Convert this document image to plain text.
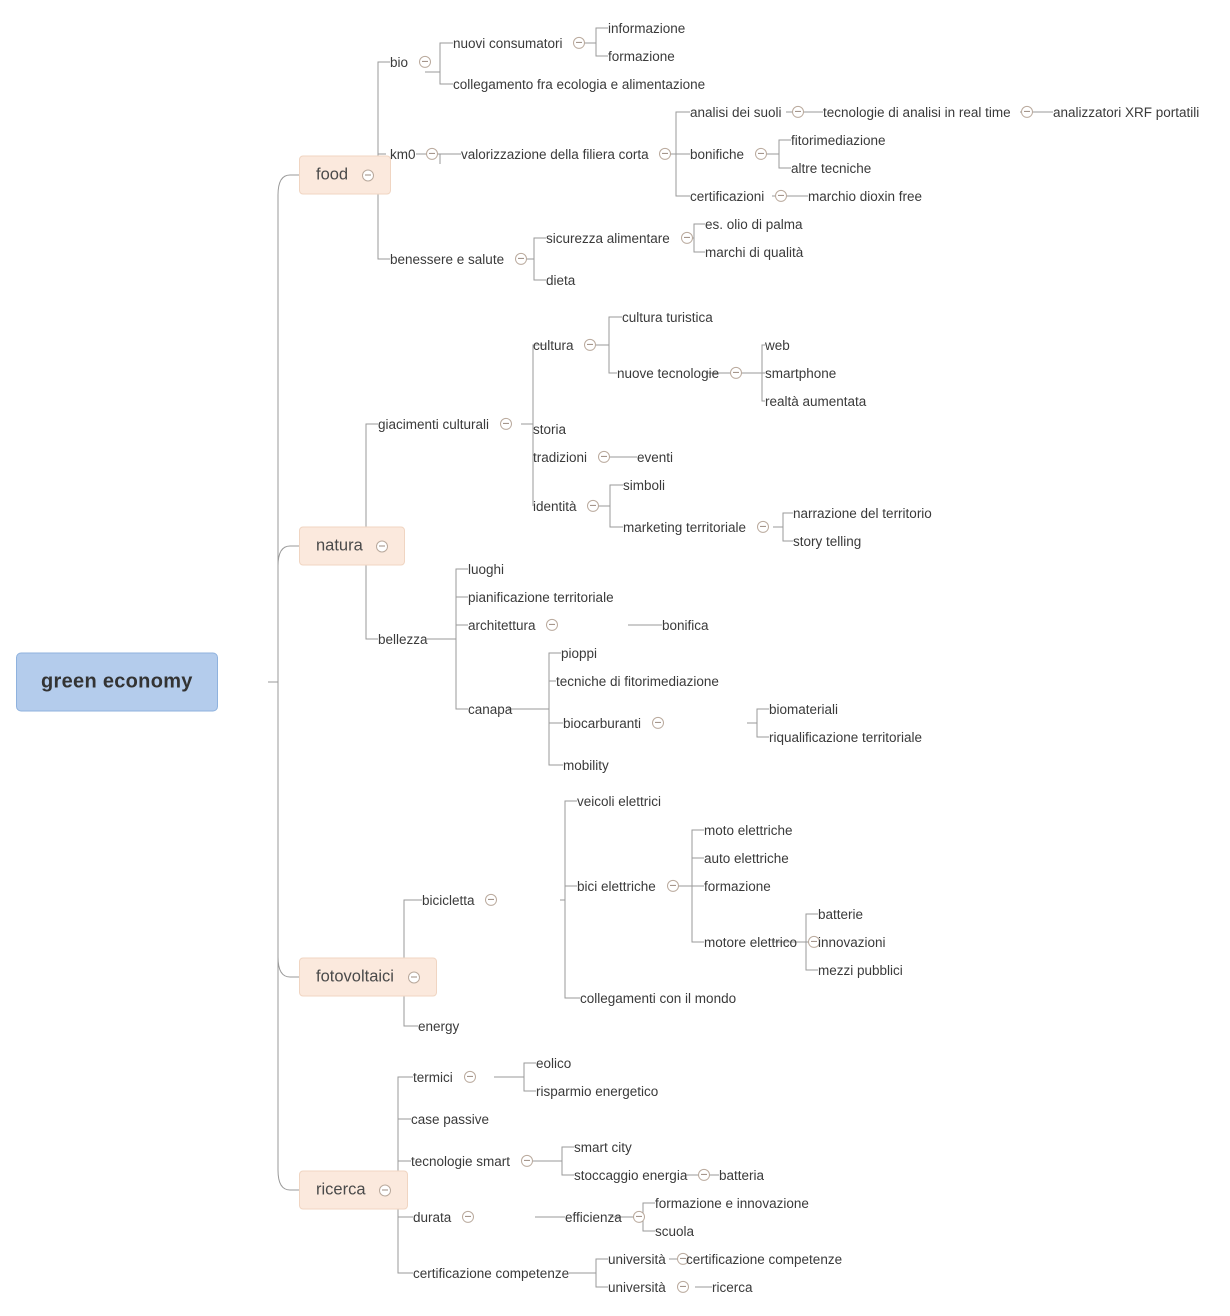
green economy
food
natura
fotovoltaici
ricerca
bio
nuovi consumatori
informazione
formazione
collegamento fra ecologia e alimentazione
km0	valorizzazione della filiera corta
analisi dei suoli	tecnologie di analisi in real time	analizzatori XRF portatili
bonifiche
fitorimediazione
altre tecniche
certificazioni	marchio dioxin free
benessere e salute
sicurezza alimentare
es. olio di palma
marchi di qualità
dieta
giacimenti culturali
cultura
cultura turistica
nuove tecnologie
web
smartphone
realtà aumentata
storia
tradizioni	eventi
identità
simboli
marketing territoriale
narrazione del territorio
story telling
bellezza
luoghi
pianificazione territoriale
architettura	bonifica
canapa
pioppi
tecniche di fitorimediazione
biocarburanti
biomateriali
riqualificazione territoriale
mobility
bicicletta
veicoli elettrici
bici elettriche
moto elettriche
auto elettriche
formazione
motore elettrico
batterie
innovazioni
mezzi pubblici
collegamenti con il mondo
energy
termici
eolico
risparmio energetico
case passive
tecnologie smart
smart city
stoccaggio energia	batteria
durata	efficienza
formazione e innovazione
scuola
certificazione competenze
università	certificazione competenze
università	ricerca
